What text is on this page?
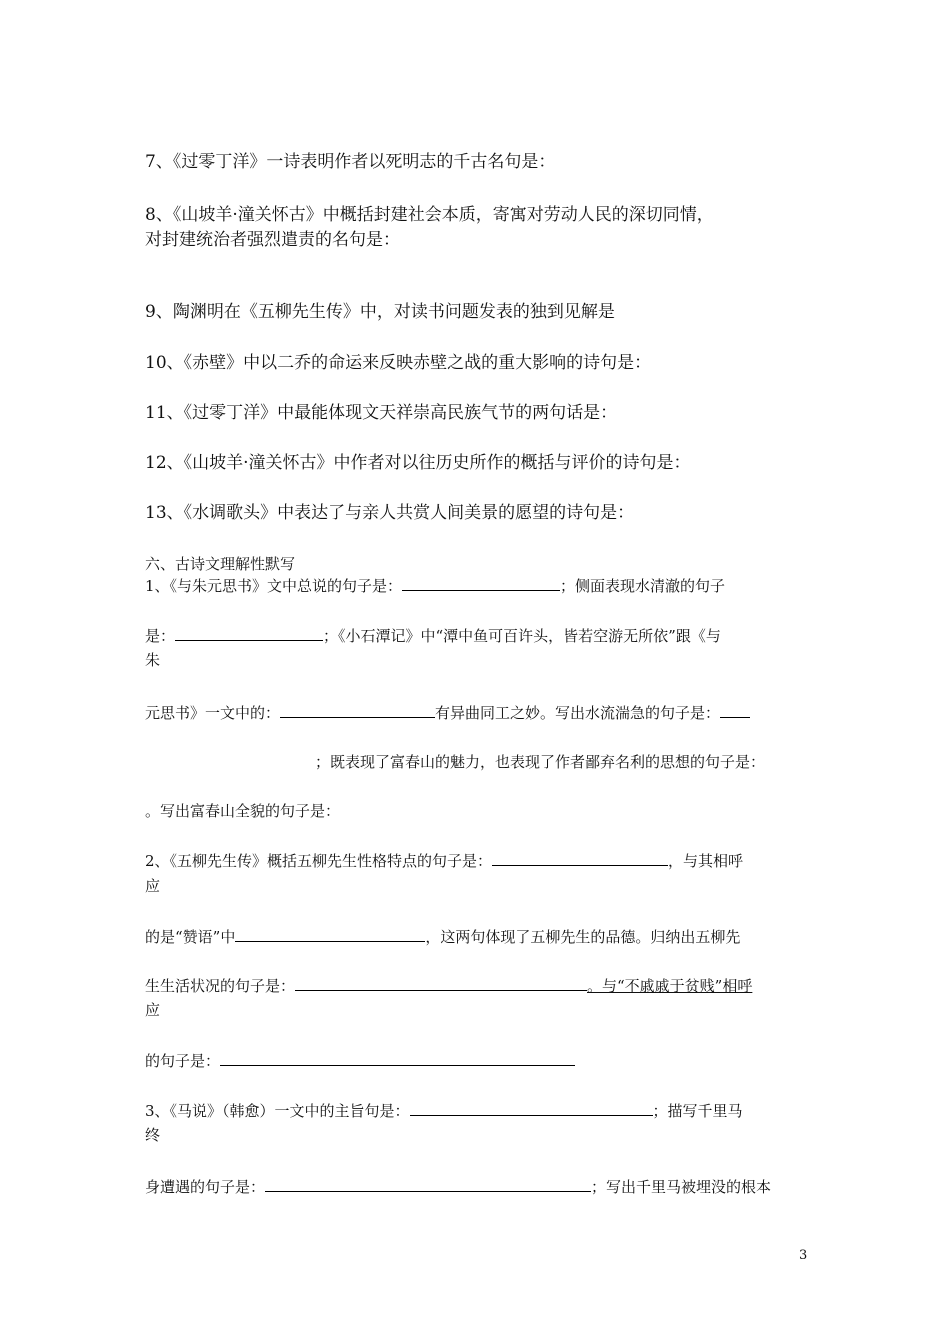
7、《过零丁洋》一诗表明作者以死明志的千古名句是：
8、《山坡羊·潼关怀古》中概括封建社会本质，寄寓对劳动人民的深切同情，
对封建统治者强烈遣责的名句是：
9、陶渊明在《五柳先生传》中，对读书问题发表的独到见解是
10、《赤壁》中以二乔的命运来反映赤壁之战的重大影响的诗句是：
11、《过零丁洋》中最能体现文天祥崇高民族气节的两句话是：
12、《山坡羊·潼关怀古》中作者对以往历史所作的概括与评价的诗句是：
13、《水调歌头》中表达了与亲人共赏人间美景的愿望的诗句是：
六、古诗文理解性默写
1、《与朱元思书》文中总说的句子是：	；侧面表现水清澈的句子
是：	；《小石潭记》中“潭中鱼可百许头，皆若空游无所依”跟《与
朱
元思书》一文中的：	有异曲同工之妙。写出水流湍急的句子是：
；既表现了富春山的魅力，也表现了作者鄙弃名利的思想的句子是：
。写出富春山全貌的句子是：
2、《五柳先生传》概括五柳先生性格特点的句子是：	，与其相呼
应
的是“赞语”中	，这两句体现了五柳先生的品德。归纳出五柳先
生生活状况的句子是：	。与“不戚戚于贫贱”相呼
应
的句子是：
3、《马说》（韩愈）一文中的主旨句是：	；描写千里马
终
身遭遇的句子是：	；写出千里马被埋没的根本
3
